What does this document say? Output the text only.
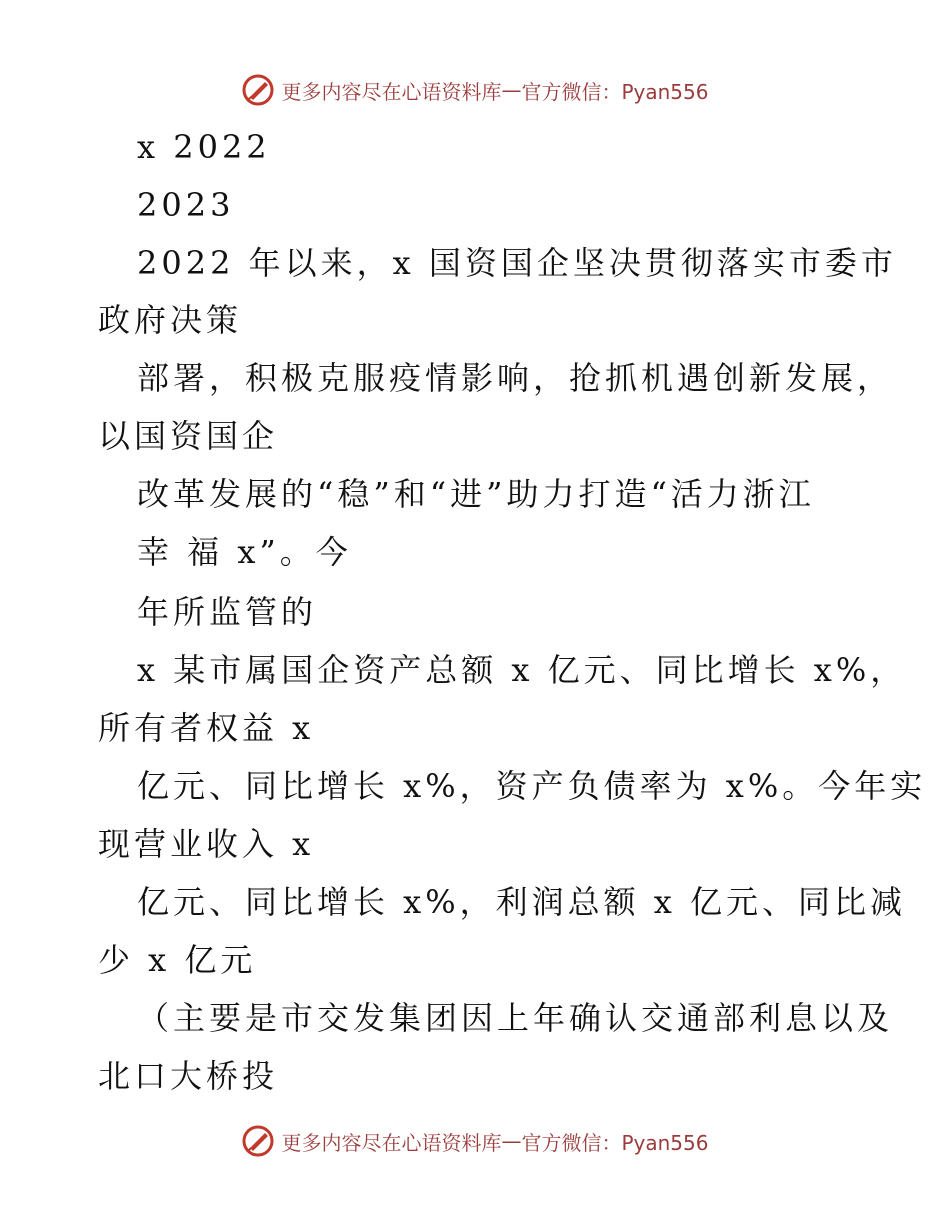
更多内容尽在心语资料库 — 官方微信：Pyan556
x 2022
2023
2022 年以来，x 国资国企坚决贯彻落实市委市
政府决策
部署，积极克服疫情影响，抢抓机遇创新发展，
以国资国企
改革发展的“稳”和“进”助力打造“活力浙江
幸 福 x”。今
年所监管的
x 某市属国企资产总额 x 亿元、同比增长 x%，
所有者权益 x
亿元、同比增长 x%，资产负债率为 x%。今年实
现营业收入 x
亿元、同比增长 x%，利润总额 x 亿元、同比减
少 x 亿元
（主要是市交发集团因上年确认交通部利息以及
北口大桥投
更多内容尽在心语资料库 — 官方微信：Pyan556
